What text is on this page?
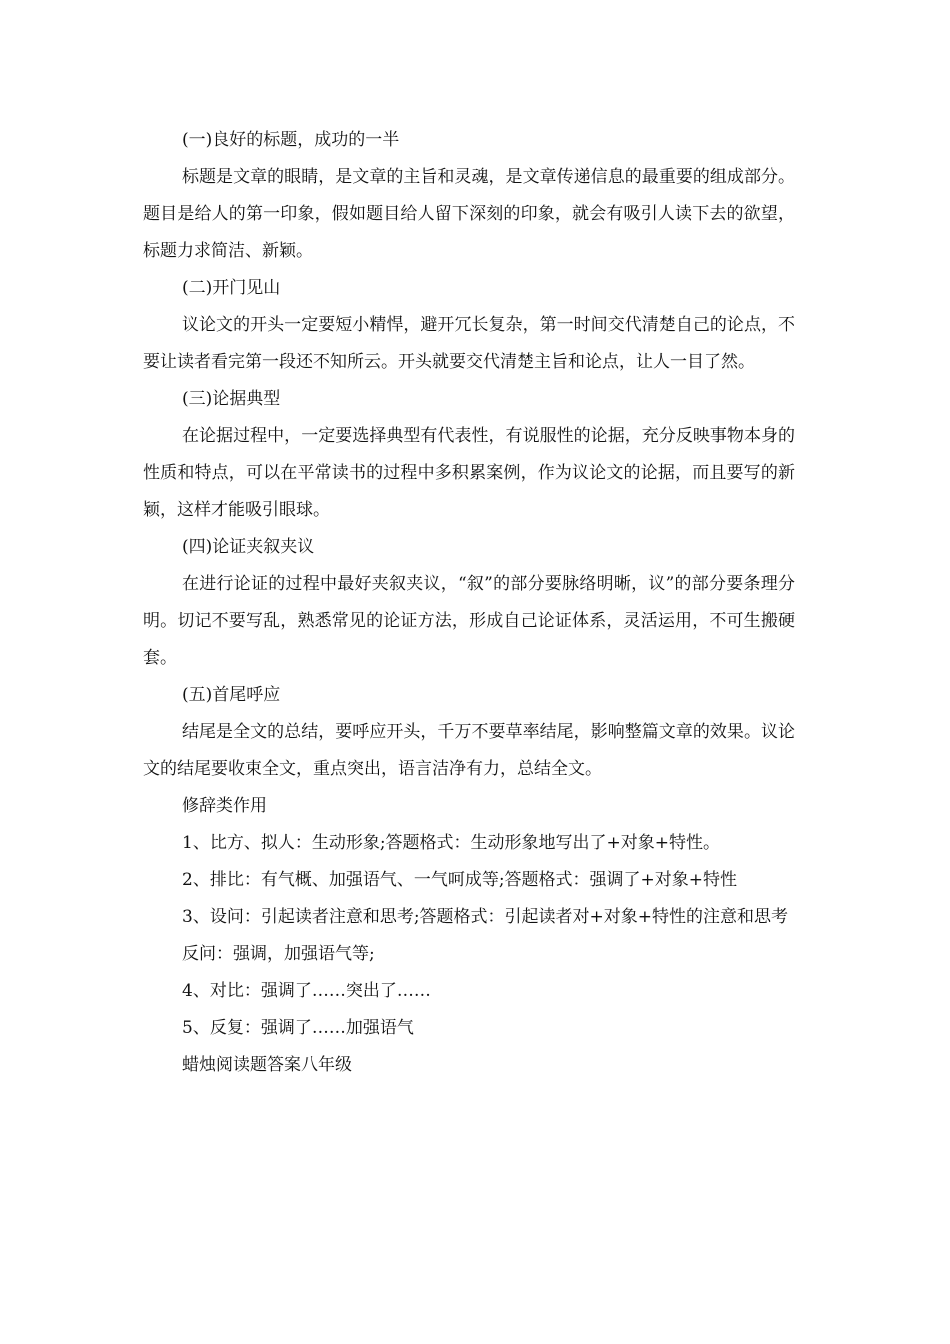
(一)良好的标题，成功的一半

标题是文章的眼睛，是文章的主旨和灵魂，是文章传递信息的最重要的组成部分。题目是给人的第一印象，假如题目给人留下深刻的印象，就会有吸引人读下去的欲望，标题力求简洁、新颖。

(二)开门见山

议论文的开头一定要短小精悍，避开冗长复杂，第一时间交代清楚自己的论点，不要让读者看完第一段还不知所云。开头就要交代清楚主旨和论点，让人一目了然。

(三)论据典型

在论据过程中，一定要选择典型有代表性，有说服性的论据，充分反映事物本身的性质和特点，可以在平常读书的过程中多积累案例，作为议论文的论据，而且要写的新颖，这样才能吸引眼球。

(四)论证夹叙夹议

在进行论证的过程中最好夹叙夹议，“叙”的部分要脉络明晰，议”的部分要条理分明。切记不要写乱，熟悉常见的论证方法，形成自己论证体系，灵活运用，不可生搬硬套。

(五)首尾呼应

结尾是全文的总结，要呼应开头，千万不要草率结尾，影响整篇文章的效果。议论文的结尾要收束全文，重点突出，语言洁净有力，总结全文。

修辞类作用

1、比方、拟人：生动形象;答题格式：生动形象地写出了+对象+特性。

2、排比：有气概、加强语气、一气呵成等;答题格式：强调了+对象+特性

3、设问：引起读者注意和思考;答题格式：引起读者对+对象+特性的注意和思考

反问：强调，加强语气等;

4、对比：强调了……突出了……

5、反复：强调了……加强语气

蜡烛阅读题答案八年级
